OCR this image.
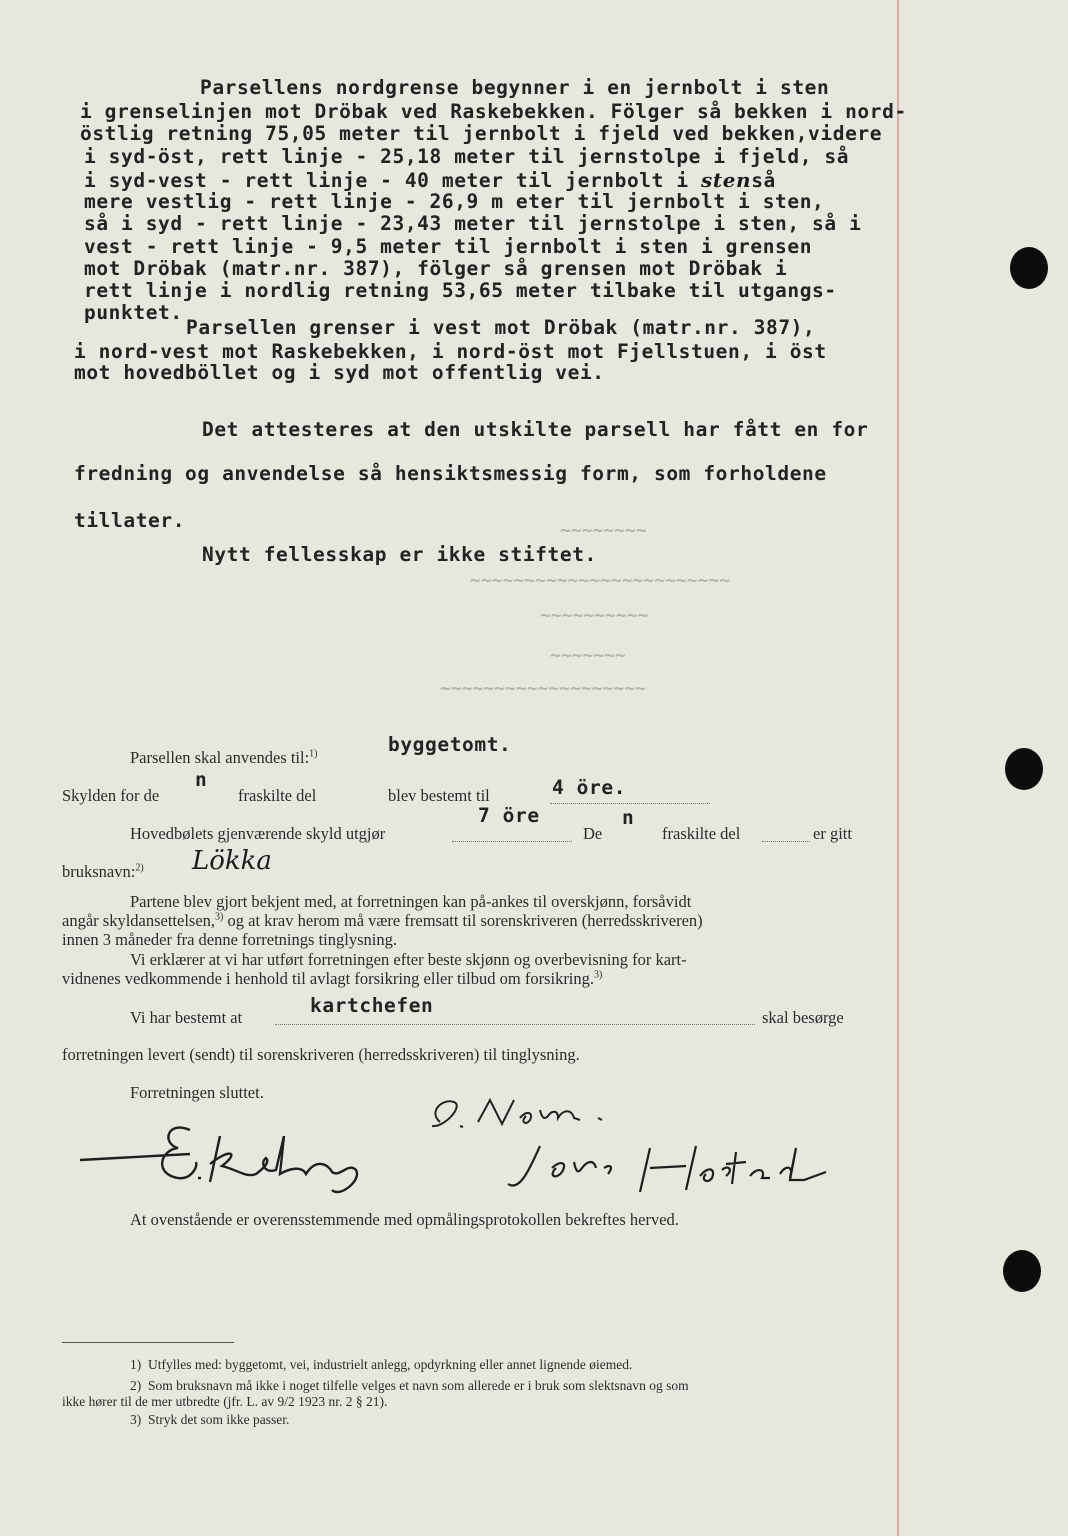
~~~~~~~~
~~~~~~~~~~~~~~~~~~~~~~~~
~~~~~~~~~~
~~~~~~~
~~~~~~~~~~~~~~~~~~~
Parsellens nordgrense begynner i en jernbolt i sten
i grenselinjen mot Dröbak ved Raskebekken. Fölger så bekken i nord-
östlig retning 75,05 meter til jernbolt i fjeld ved bekken,videre
i syd-öst, rett linje - 25,18 meter til jernstolpe i fjeld, så
i syd-vest - rett linje - 40 meter til jernbolt i stenså
mere vestlig - rett linje - 26,9 m eter til jernbolt i sten,
så i syd - rett linje - 23,43 meter til jernstolpe i sten, så i
vest - rett linje - 9,5 meter til jernbolt i sten i grensen
mot Dröbak (matr.nr. 387), fölger så grensen mot Dröbak i
rett linje i nordlig retning 53,65 meter tilbake til utgangs-
punktet.
Parsellen grenser i vest mot Dröbak (matr.nr. 387),
i nord-vest mot Raskebekken, i nord-öst mot Fjellstuen, i öst
mot hovedböllet og i syd mot offentlig vei.
Det attesteres at den utskilte parsell har fått en for
fredning og anvendelse så hensiktsmessig form, som forholdene
tillater.
Nytt fellesskap er ikke stiftet.
Parsellen skal anvendes til:$^{1)}$	byggetomt.
Skylden for de
n
fraskilte del	blev bestemt til	4 öre.
Hovedbølets gjenværende skyld utgjør
7 öre
De
n
fraskilte del	er gitt
bruksnavn:$^{2)}$ Lökka
Partene blev gjort bekjent med, at forretningen kan på-ankes til overskjønn, forsåvidt
angår skyldansettelsen,$^{3)}$ og at krav herom må være fremsatt til sorenskriveren (herredsskriveren)
innen 3 måneder fra denne forretnings tinglysning.
Vi erklærer at vi har utført forretningen efter beste skjønn og overbevisning for kart-
vidnenes vedkommende i henhold til avlagt forsikring eller tilbud om forsikring.$^{3)}$
Vi har bestemt at
kartchefen
skal besørge
forretningen levert (sendt) til sorenskriveren (herredsskriveren) til tinglysning.
Forretningen sluttet.
At ovenstående er overensstemmende med opmålingsprotokollen bekreftes herved.
1) Utfylles med: byggetomt, vei, industrielt anlegg, opdyrkning eller annet lignende øiemed.
2) Som bruksnavn må ikke i noget tilfelle velges et navn som allerede er i bruk som slektsnavn og som
ikke hører til de mer utbredte (jfr. L. av 9/2 1923 nr. 2 § 21).
3) Stryk det som ikke passer.
